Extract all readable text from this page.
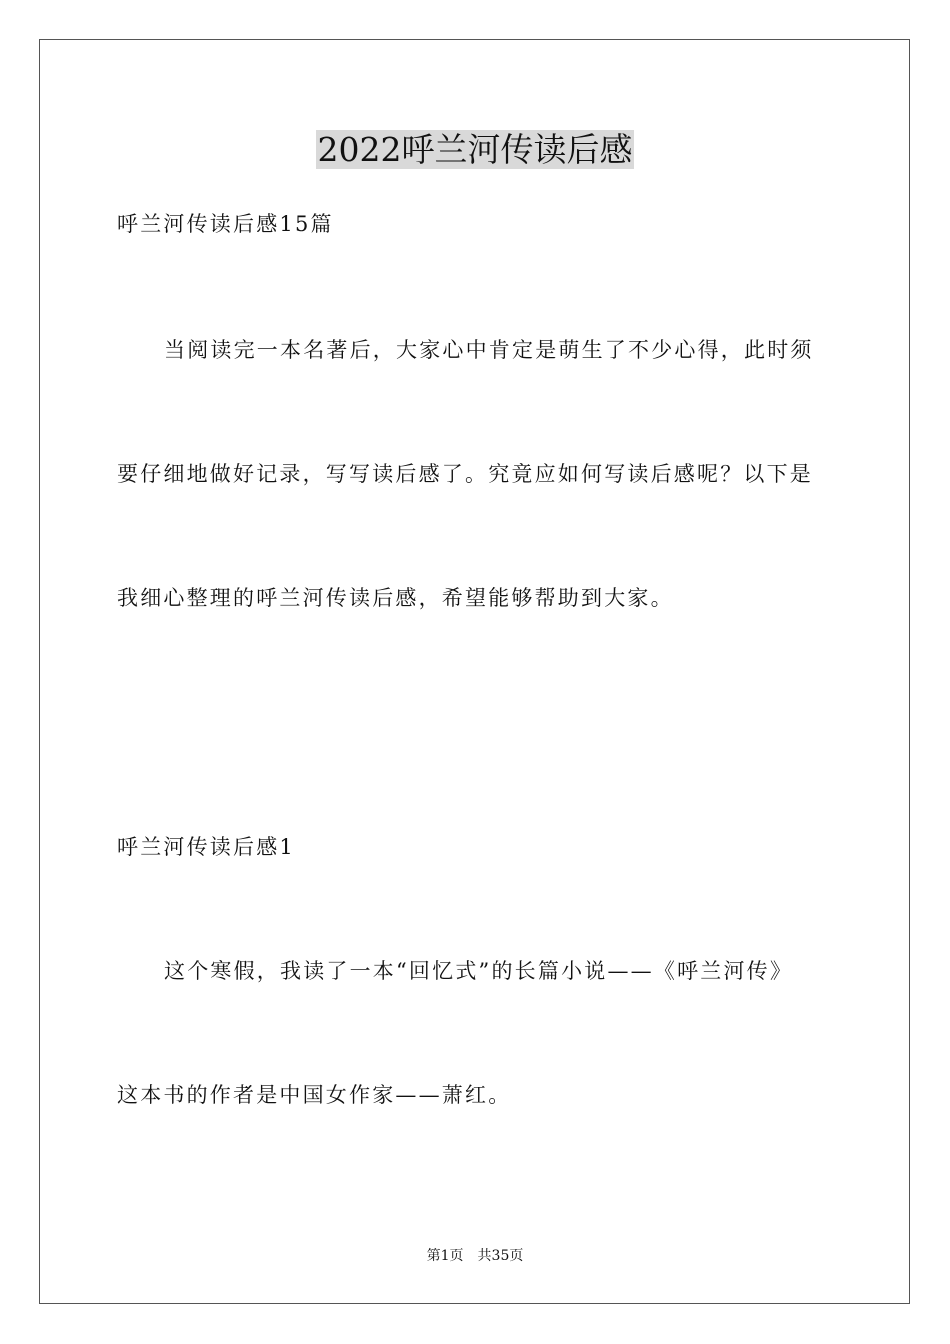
2022呼兰河传读后感
呼兰河传读后感15篇
当阅读完一本名著后，大家心中肯定是萌生了不少心得，此时须
要仔细地做好记录，写写读后感了。究竟应如何写读后感呢？以下是
我细心整理的呼兰河传读后感，希望能够帮助到大家。
呼兰河传读后感1
这个寒假，我读了一本“回忆式”的长篇小说——《呼兰河传》
这本书的作者是中国女作家——萧红。
第1页　共35页
